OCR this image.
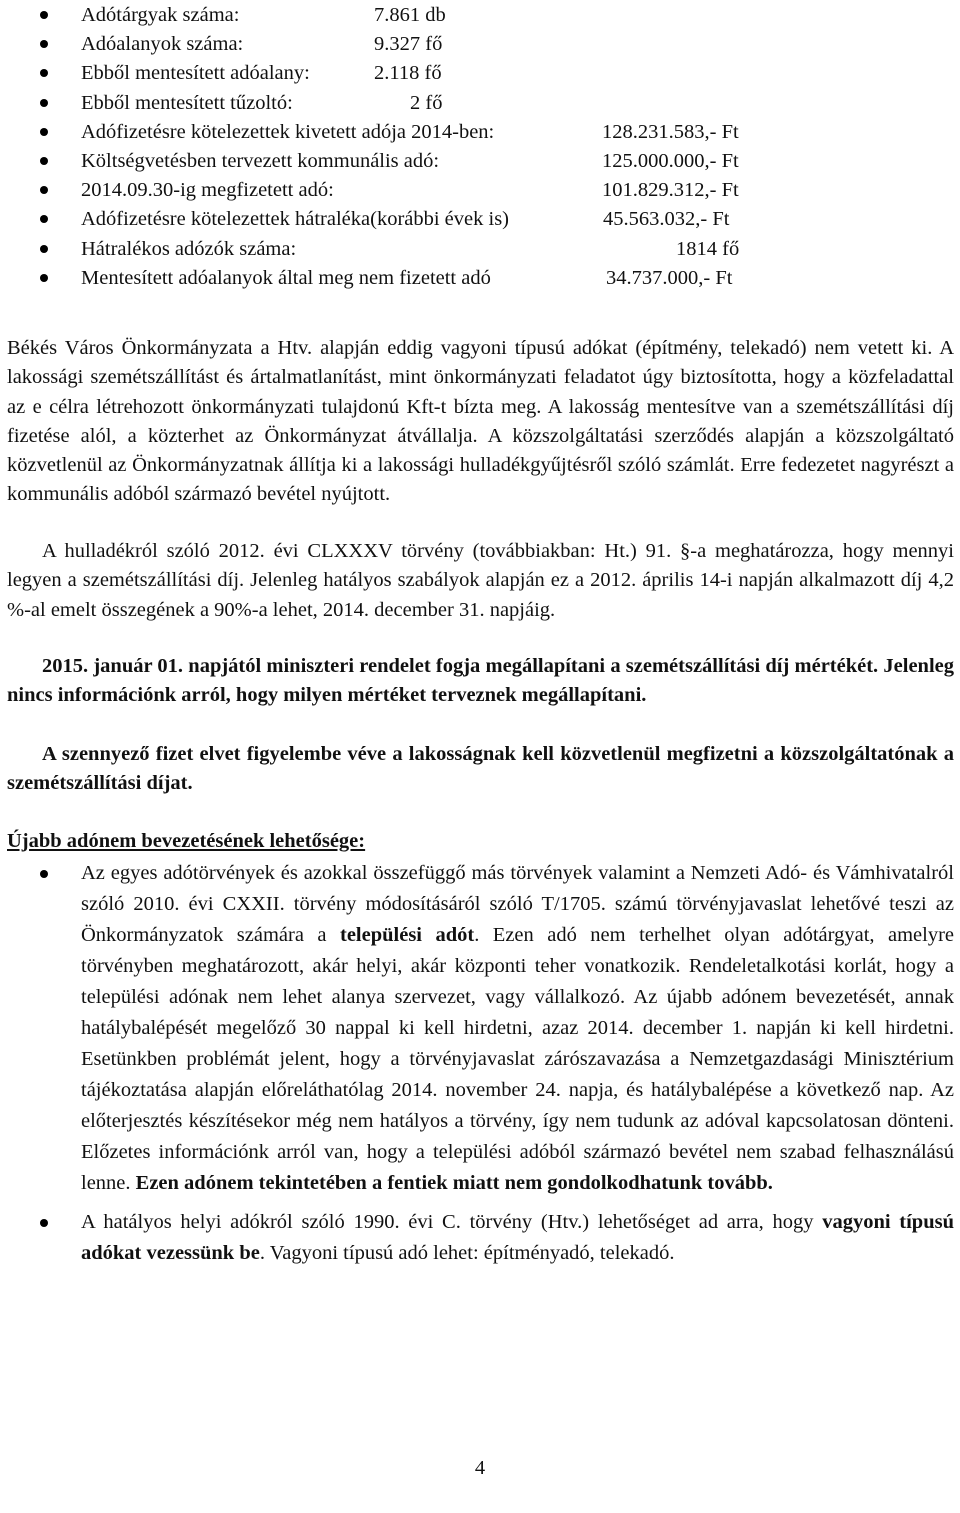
Adótárgyak száma:	7.861 db
Adóalanyok száma:	9.327 fő
Ebből mentesített adóalany:	2.118 fő
Ebből mentesített tűzoltó:	2 fő
Adófizetésre kötelezettek kivetett adója 2014-ben:	128.231.583,- Ft
Költségvetésben tervezett kommunális adó:	125.000.000,- Ft
2014.09.30-ig megfizetett adó:	101.829.312,- Ft
Adófizetésre kötelezettek hátraléka(korábbi évek is)	45.563.032,- Ft
Hátralékos adózók száma:	1814 fő
Mentesített adóalanyok által meg nem fizetett adó	34.737.000,- Ft

Békés Város Önkormányzata a Htv. alapján eddig vagyoni típusú adókat (építmény, telekadó) nem vetett ki. A lakossági szemétszállítást és ártalmatlanítást, mint önkormányzati feladatot úgy biztosította, hogy a közfeladattal az e célra létrehozott önkormányzati tulajdonú Kft-t bízta meg. A lakosság mentesítve van a szemétszállítási díj fizetése alól, a közterhet az Önkormányzat átvállalja. A közszolgáltatási szerződés alapján a közszolgáltató közvetlenül az Önkormányzatnak állítja ki a lakossági hulladékgyűjtésről szóló számlát. Erre fedezetet nagyrészt a kommunális adóból származó bevétel nyújtott.

A hulladékról szóló 2012. évi CLXXXV törvény (továbbiakban: Ht.) 91. §-a meghatározza, hogy mennyi legyen a szemétszállítási díj. Jelenleg hatályos szabályok alapján ez a 2012. április 14-i napján alkalmazott díj 4,2 %-al emelt összegének a 90%-a lehet, 2014. december 31. napjáig.

2015. január 01. napjától miniszteri rendelet fogja megállapítani a szemétszállítási díj mértékét. Jelenleg nincs információnk arról, hogy milyen mértéket terveznek megállapítani.

A szennyező fizet elvet figyelembe véve a lakosságnak kell közvetlenül megfizetni a közszolgáltatónak a szemétszállítási díjat.

Újabb adónem bevezetésének lehetősége:

Az egyes adótörvények és azokkal összefüggő más törvények valamint a Nemzeti Adó- és Vámhivatalról szóló 2010. évi CXXII. törvény módosításáról szóló T/1705. számú törvényjavaslat lehetővé teszi az Önkormányzatok számára a települési adót. Ezen adó nem terhelhet olyan adótárgyat, amelyre törvényben meghatározott, akár helyi, akár központi teher vonatkozik. Rendeletalkotási korlát, hogy a települési adónak nem lehet alanya szervezet, vagy vállalkozó. Az újabb adónem bevezetését, annak hatálybalépését megelőző 30 nappal ki kell hirdetni, azaz 2014. december 1. napján ki kell hirdetni. Esetünkben problémát jelent, hogy a törvényjavaslat zárószavazása a Nemzetgazdasági Minisztérium tájékoztatása alapján előreláthatólag 2014. november 24. napja, és hatálybalépése a következő nap. Az előterjesztés készítésekor még nem hatályos a törvény, így nem tudunk az adóval kapcsolatosan dönteni. Előzetes információnk arról van, hogy a települési adóból származó bevétel nem szabad felhasználású lenne. Ezen adónem tekintetében a fentiek miatt nem gondolkodhatunk tovább.
A hatályos helyi adókról szóló 1990. évi C. törvény (Htv.) lehetőséget ad arra, hogy vagyoni típusú adókat vezessünk be. Vagyoni típusú adó lehet: építményadó, telekadó.
4
